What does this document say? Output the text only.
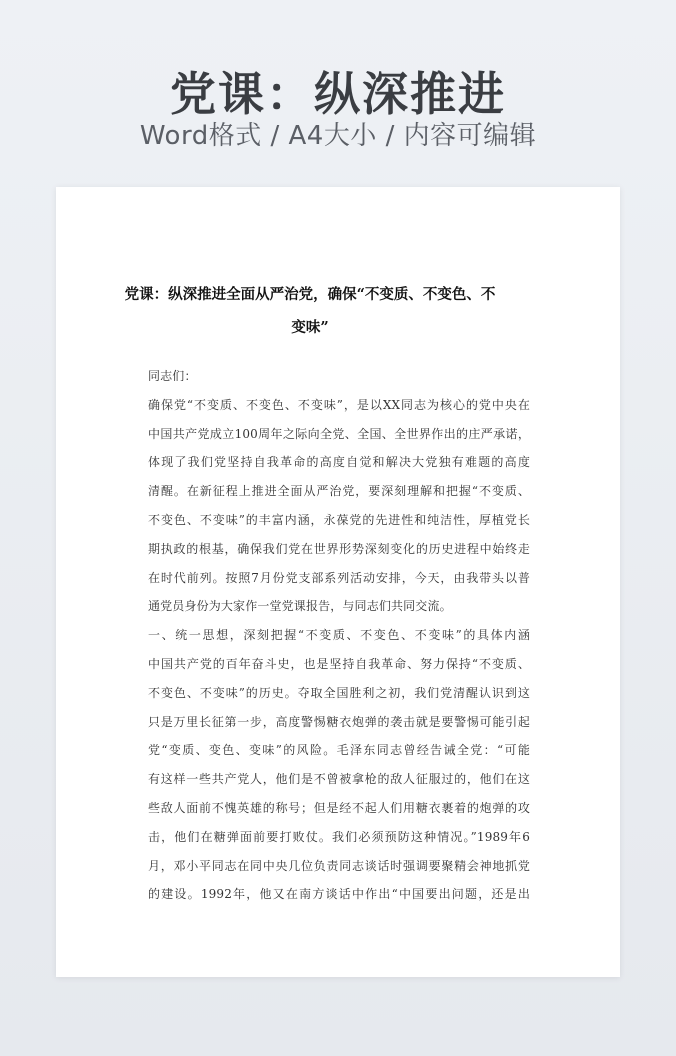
党课：纵深推进
Word格式 / A4大小 / 内容可编辑
党课：纵深推进全面从严治党，确保“不变质、不变色、不
变味”
同志们：
确保党“不变质、不变色、不变味”，是以XX同志为核心的党中央在
中国共产党成立100周年之际向全党、全国、全世界作出的庄严承诺，
体现了我们党坚持自我革命的高度自觉和解决大党独有难题的高度
清醒。在新征程上推进全面从严治党，要深刻理解和把握“不变质、
不变色、不变味”的丰富内涵，永葆党的先进性和纯洁性，厚植党长
期执政的根基，确保我们党在世界形势深刻变化的历史进程中始终走
在时代前列。按照7月份党支部系列活动安排，今天，由我带头以普
通党员身份为大家作一堂党课报告，与同志们共同交流。
一、统一思想，深刻把握“不变质、不变色、不变味”的具体内涵
中国共产党的百年奋斗史，也是坚持自我革命、努力保持“不变质、
不变色、不变味”的历史。夺取全国胜利之初，我们党清醒认识到这
只是万里长征第一步，高度警惕糖衣炮弹的袭击就是要警惕可能引起
党“变质、变色、变味”的风险。毛泽东同志曾经告诫全党：“可能
有这样一些共产党人，他们是不曾被拿枪的敌人征服过的，他们在这
些敌人面前不愧英雄的称号；但是经不起人们用糖衣裹着的炮弹的攻
击，他们在糖弹面前要打败仗。我们必须预防这种情况。”1989年6
月，邓小平同志在同中央几位负责同志谈话时强调要聚精会神地抓党
的建设。1992年，他又在南方谈话中作出“中国要出问题，还是出
